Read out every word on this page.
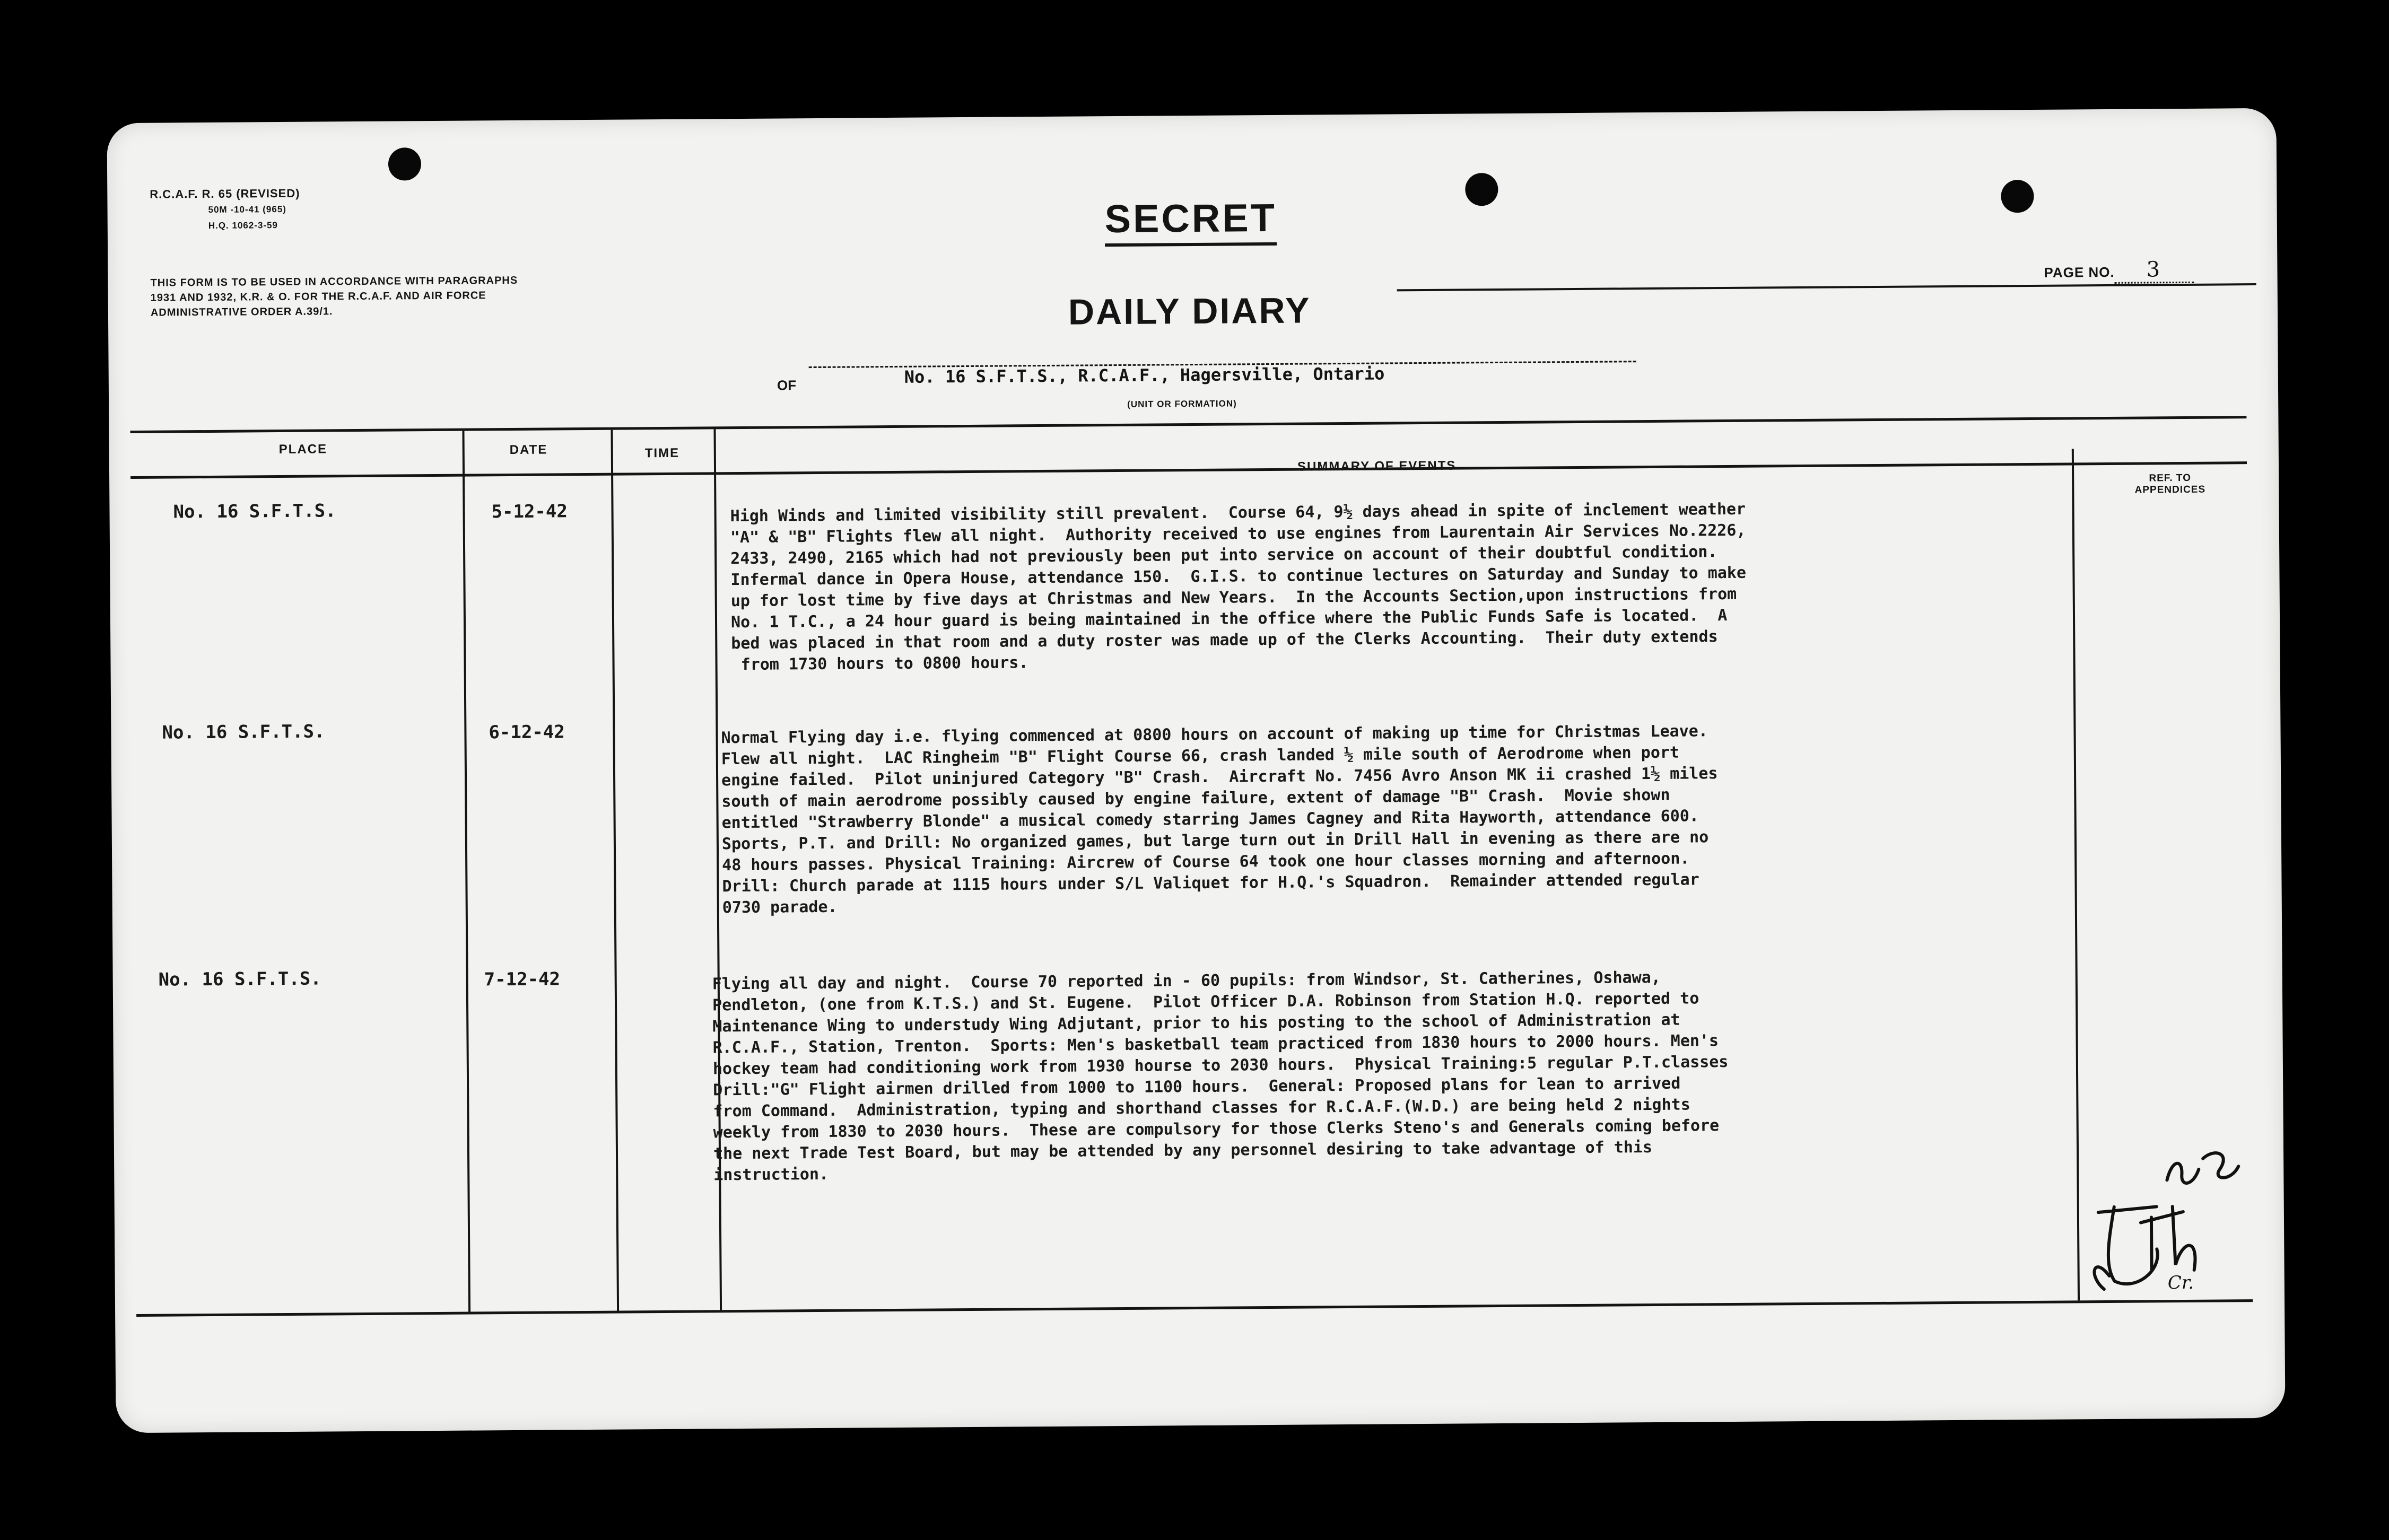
R.C.A.F. R. 65 (REVISED)
50M -10-41 (965)
H.Q. 1062-3-59
THIS FORM IS TO BE USED IN ACCORDANCE WITH PARAGRAPHS 1931 AND 1932, K.R. & O. FOR THE R.C.A.F. AND AIR FORCE ADMINISTRATIVE ORDER A.39/1.
SECRET
PAGE NO. 3
DAILY DIARY
OF	No. 16 S.F.T.S., R.C.A.F., Hagersville, Ontario
(UNIT OR FORMATION)
PLACE	DATE	TIME
SUMMARY OF EVENTS
REF. TO APPENDICES
No. 16 S.F.T.S.	5-12-42	High Winds and limited visibility still prevalent.  Course 64, 9½ days ahead in spite of inclement weather
"A" & "B" Flights flew all night.  Authority received to use engines from Laurentain Air Services No.2226,
2433, 2490, 2165 which had not previously been put into service on account of their doubtful condition.
Infermal dance in Opera House, attendance 150.  G.I.S. to continue lectures on Saturday and Sunday to make
up for lost time by five days at Christmas and New Years.  In the Accounts Section,upon instructions from
No. 1 T.C., a 24 hour guard is being maintained in the office where the Public Funds Safe is located.  A
bed was placed in that room and a duty roster was made up of the Clerks Accounting.  Their duty extends
from 1730 hours to 0800 hours.
No. 16 S.F.T.S.	6-12-42	Normal Flying day i.e. flying commenced at 0800 hours on account of making up time for Christmas Leave.
Flew all night.  LAC Ringheim "B" Flight Course 66, crash landed ½ mile south of Aerodrome when port
engine failed.  Pilot uninjured Category "B" Crash.  Aircraft No. 7456 Avro Anson MK ii crashed 1½ miles
south of main aerodrome possibly caused by engine failure, extent of damage "B" Crash.  Movie shown
entitled "Strawberry Blonde" a musical comedy starring James Cagney and Rita Hayworth, attendance 600.
Sports, P.T. and Drill: No organized games, but large turn out in Drill Hall in evening as there are no
48 hours passes. Physical Training: Aircrew of Course 64 took one hour classes morning and afternoon.
Drill: Church parade at 1115 hours under S/L Valiquet for H.Q.'s Squadron.  Remainder attended regular
0730 parade.
No. 16 S.F.T.S.	7-12-42	Flying all day and night.  Course 70 reported in - 60 pupils: from Windsor, St. Catherines, Oshawa,
Pendleton, (one from K.T.S.) and St. Eugene.  Pilot Officer D.A. Robinson from Station H.Q. reported to
Maintenance Wing to understudy Wing Adjutant, prior to his posting to the school of Administration at
R.C.A.F., Station, Trenton.  Sports: Men's basketball team practiced from 1830 hours to 2000 hours. Men's
hockey team had conditioning work from 1930 hourse to 2030 hours.  Physical Training:5 regular P.T.classes
Drill:"G" Flight airmen drilled from 1000 to 1100 hours.  General: Proposed plans for lean to arrived
from Command.  Administration, typing and shorthand classes for R.C.A.F.(W.D.) are being held 2 nights
weekly from 1830 to 2030 hours.  These are compulsory for those Clerks Steno's and Generals coming before
the next Trade Test Board, but may be attended by any personnel desiring to take advantage of this
instruction.
Cr.
